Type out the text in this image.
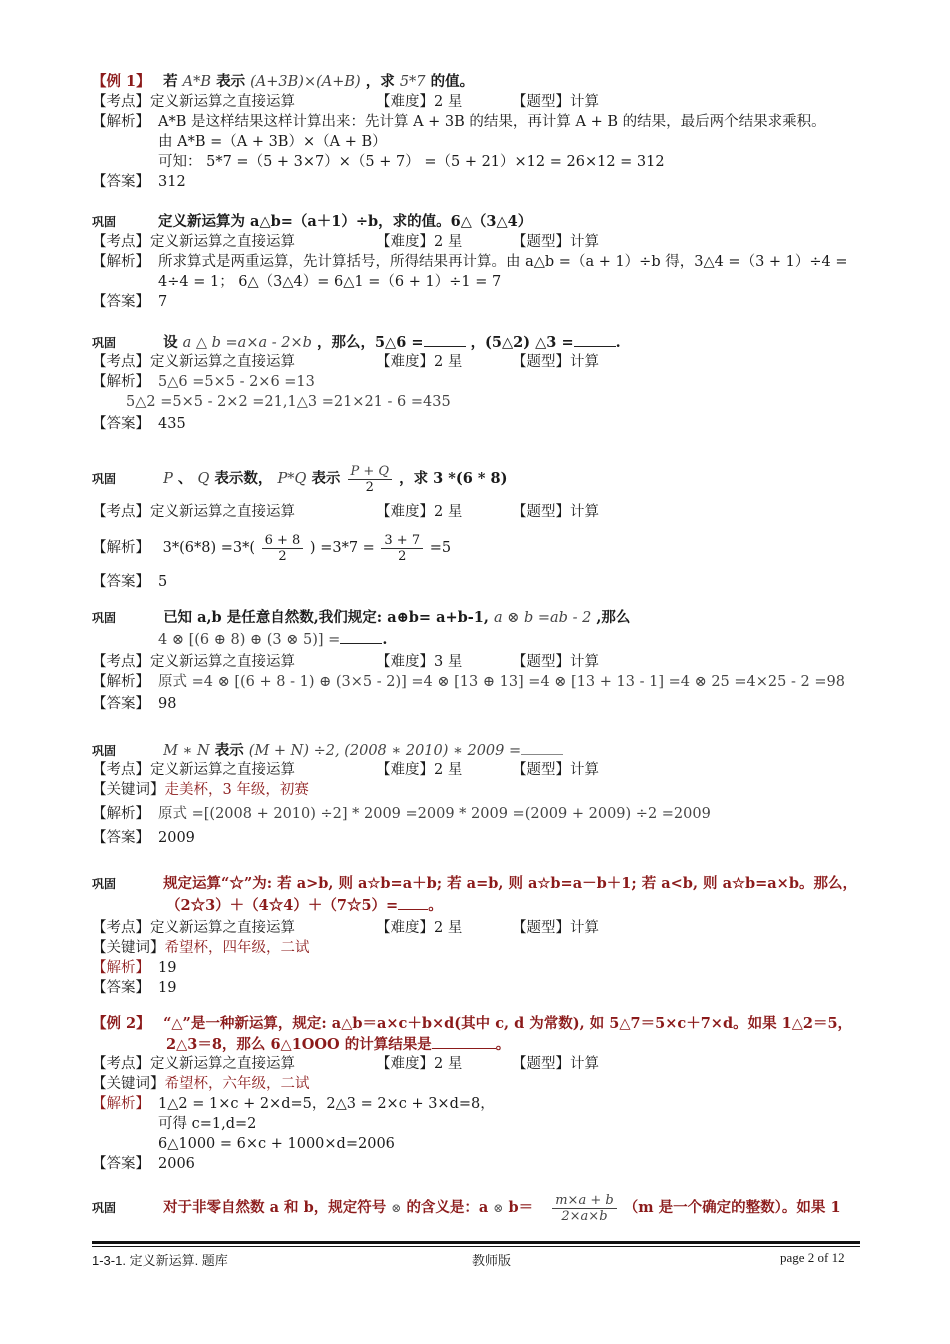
【例 1】 若 A*B 表示 (A+3B)×(A+B) ，求 5*7 的值。
【考点】定义新运算之直接运算	【难度】2 星	【题型】计算
【解析】 A*B 是这样结果这样计算出来：先计算 A + 3B 的结果，再计算 A + B 的结果，最后两个结果求乘积。
由 A*B =（A + 3B）×（A + B）
可知： 5*7 =（5 + 3×7）×（5 + 7） =（5 + 21）×12 = 26×12 = 312
【答案】 312
巩固	定义新运算为 a△b=（a＋1）÷b，求的值。6△（3△4）
【考点】定义新运算之直接运算	【难度】2 星	【题型】计算
【解析】 所求算式是两重运算，先计算括号，所得结果再计算。由 a△b =（a + 1）÷b 得，3△4 =（3 + 1）÷4 =
4÷4 = 1； 6△（3△4）= 6△1 =（6 + 1）÷1 = 7
【答案】 7
巩固	设 a △ b =a×a - 2×b ，那么，5△6 =	，(5△2) △3 =	.
【考点】定义新运算之直接运算	【难度】2 星	【题型】计算
【解析】 5△6 =5×5 - 2×6 =13
5△2 =5×5 - 2×2 =21,1△3 =21×21 - 6 =435
【答案】 435
巩固	P 、 Q 表示数， P*Q 表示 $\frac{P + Q}{2}$ ，求 3 *(6 * 8)
【考点】定义新运算之直接运算	【难度】2 星	【题型】计算
【解析】 $3*(6*8) =3*( \frac{6 + 8}{2}$ ) $=3*7 = \frac{3 + 7}{2} =5$
【答案】 5
巩固	已知 a,b 是任意自然数,我们规定: a⊕b= a+b-1, a ⊗ b =ab - 2 ,那么
4 ⊗ [(6 ⊕ 8) ⊕ (3 ⊗ 5)] =	.
【考点】定义新运算之直接运算	【难度】3 星	【题型】计算
【解析】 原式 =4 ⊗ [(6 + 8 - 1) ⊕ (3×5 - 2)] =4 ⊗ [13 ⊕ 13] =4 ⊗ [13 + 13 - 1] =4 ⊗ 25 =4×25 - 2 =98
【答案】 98
巩固	M ∗ N 表示 (M + N) ÷2, (2008 ∗ 2010) ∗ 2009 =
【考点】定义新运算之直接运算	【难度】2 星	【题型】计算
【关键词】走美杯，3 年级，初赛
【解析】 原式 =[(2008 + 2010) ÷2] * 2009 =2009 * 2009 =(2009 + 2009) ÷2 =2009
【答案】 2009
巩固	规定运算“☆”为: 若 a>b, 则 a☆b=a＋b; 若 a=b, 则 a☆b=a－b＋1; 若 a<b, 则 a☆b=a×b。那么，
（2☆3）＋（4☆4）＋（7☆5）= 。
【考点】定义新运算之直接运算	【难度】2 星	【题型】计算
【关键词】希望杯，四年级，二试
【解析】 19
【答案】 19
【例 2】 “△”是一种新运算，规定: a△b＝a×c＋b×d(其中 c, d 为常数), 如 5△7＝5×c＋7×d。如果 1△2＝5，
2△3＝8，那么 6△1OOO 的计算结果是	。
【考点】定义新运算之直接运算	【难度】2 星	【题型】计算
【关键词】希望杯，六年级，二试
【解析】 1△2 = 1×c + 2×d=5，2△3 = 2×c + 3×d=8，
可得 c=1,d=2
6△1000 = 6×c + 1000×d=2006
【答案】 2006
巩固	对于非零自然数 a 和 b，规定符号 ⊗ 的含义是：a ⊗ $b= \frac{m\times a + b}{2\times a\times b} (m$ 是一个确定的整数）。如果 1
1-3-1. 定义新运算. 题库	教师版	page 2 of 12
